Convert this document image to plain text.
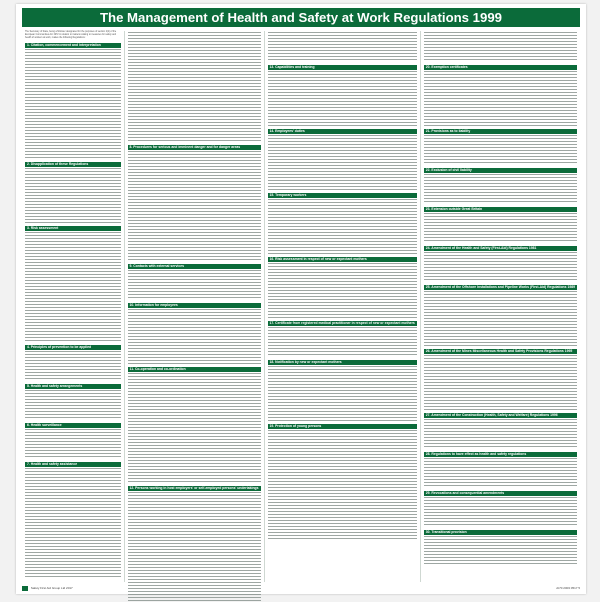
The Management of Health and Safety at Work Regulations 1999
The Secretary of State, being a Minister designated for the purposes of section 2(2) of the European Communities Act 1972 in relation to matters relating to measures for safety and health of workers at work, makes the following Regulations:
1. Citation, commencement and interpretation
2. Disapplication of these Regulations
3. Risk assessment
4. Principles of prevention to be applied
5. Health and safety arrangements
6. Health surveillance
7. Health and safety assistance
8. Procedures for serious and imminent danger and for danger areas
9. Contacts with external services
10. Information for employees
11. Co-operation and co-ordination
12. Persons working in host employers' or self-employed persons' undertakings
13. Capabilities and training
14. Employees' duties
15. Temporary workers
16. Risk assessment in respect of new or expectant mothers
17. Certificate from registered medical practitioner in respect of new or expectant mothers
18. Notification by new or expectant mothers
19. Protection of young persons
20. Exemption certificates
21. Provisions as to liability
22. Exclusion of civil liability
23. Extension outside Great Britain
24. Amendment of the Health and Safety (First-Aid) Regulations 1981
25. Amendment of the Offshore Installations and Pipeline Works (First-Aid) Regulations 1989
26. Amendment of the Mines Miscellaneous Health and Safety Provisions Regulations 1995
27. Amendment of the Construction (Health, Safety and Welfare) Regulations 1996
28. Regulations to have effect as health and safety regulations
29. Revocations and consequential amendments
30. Transitional provision
Safety First Aid Group Ltd 2017	AI70 2003 0517 5
